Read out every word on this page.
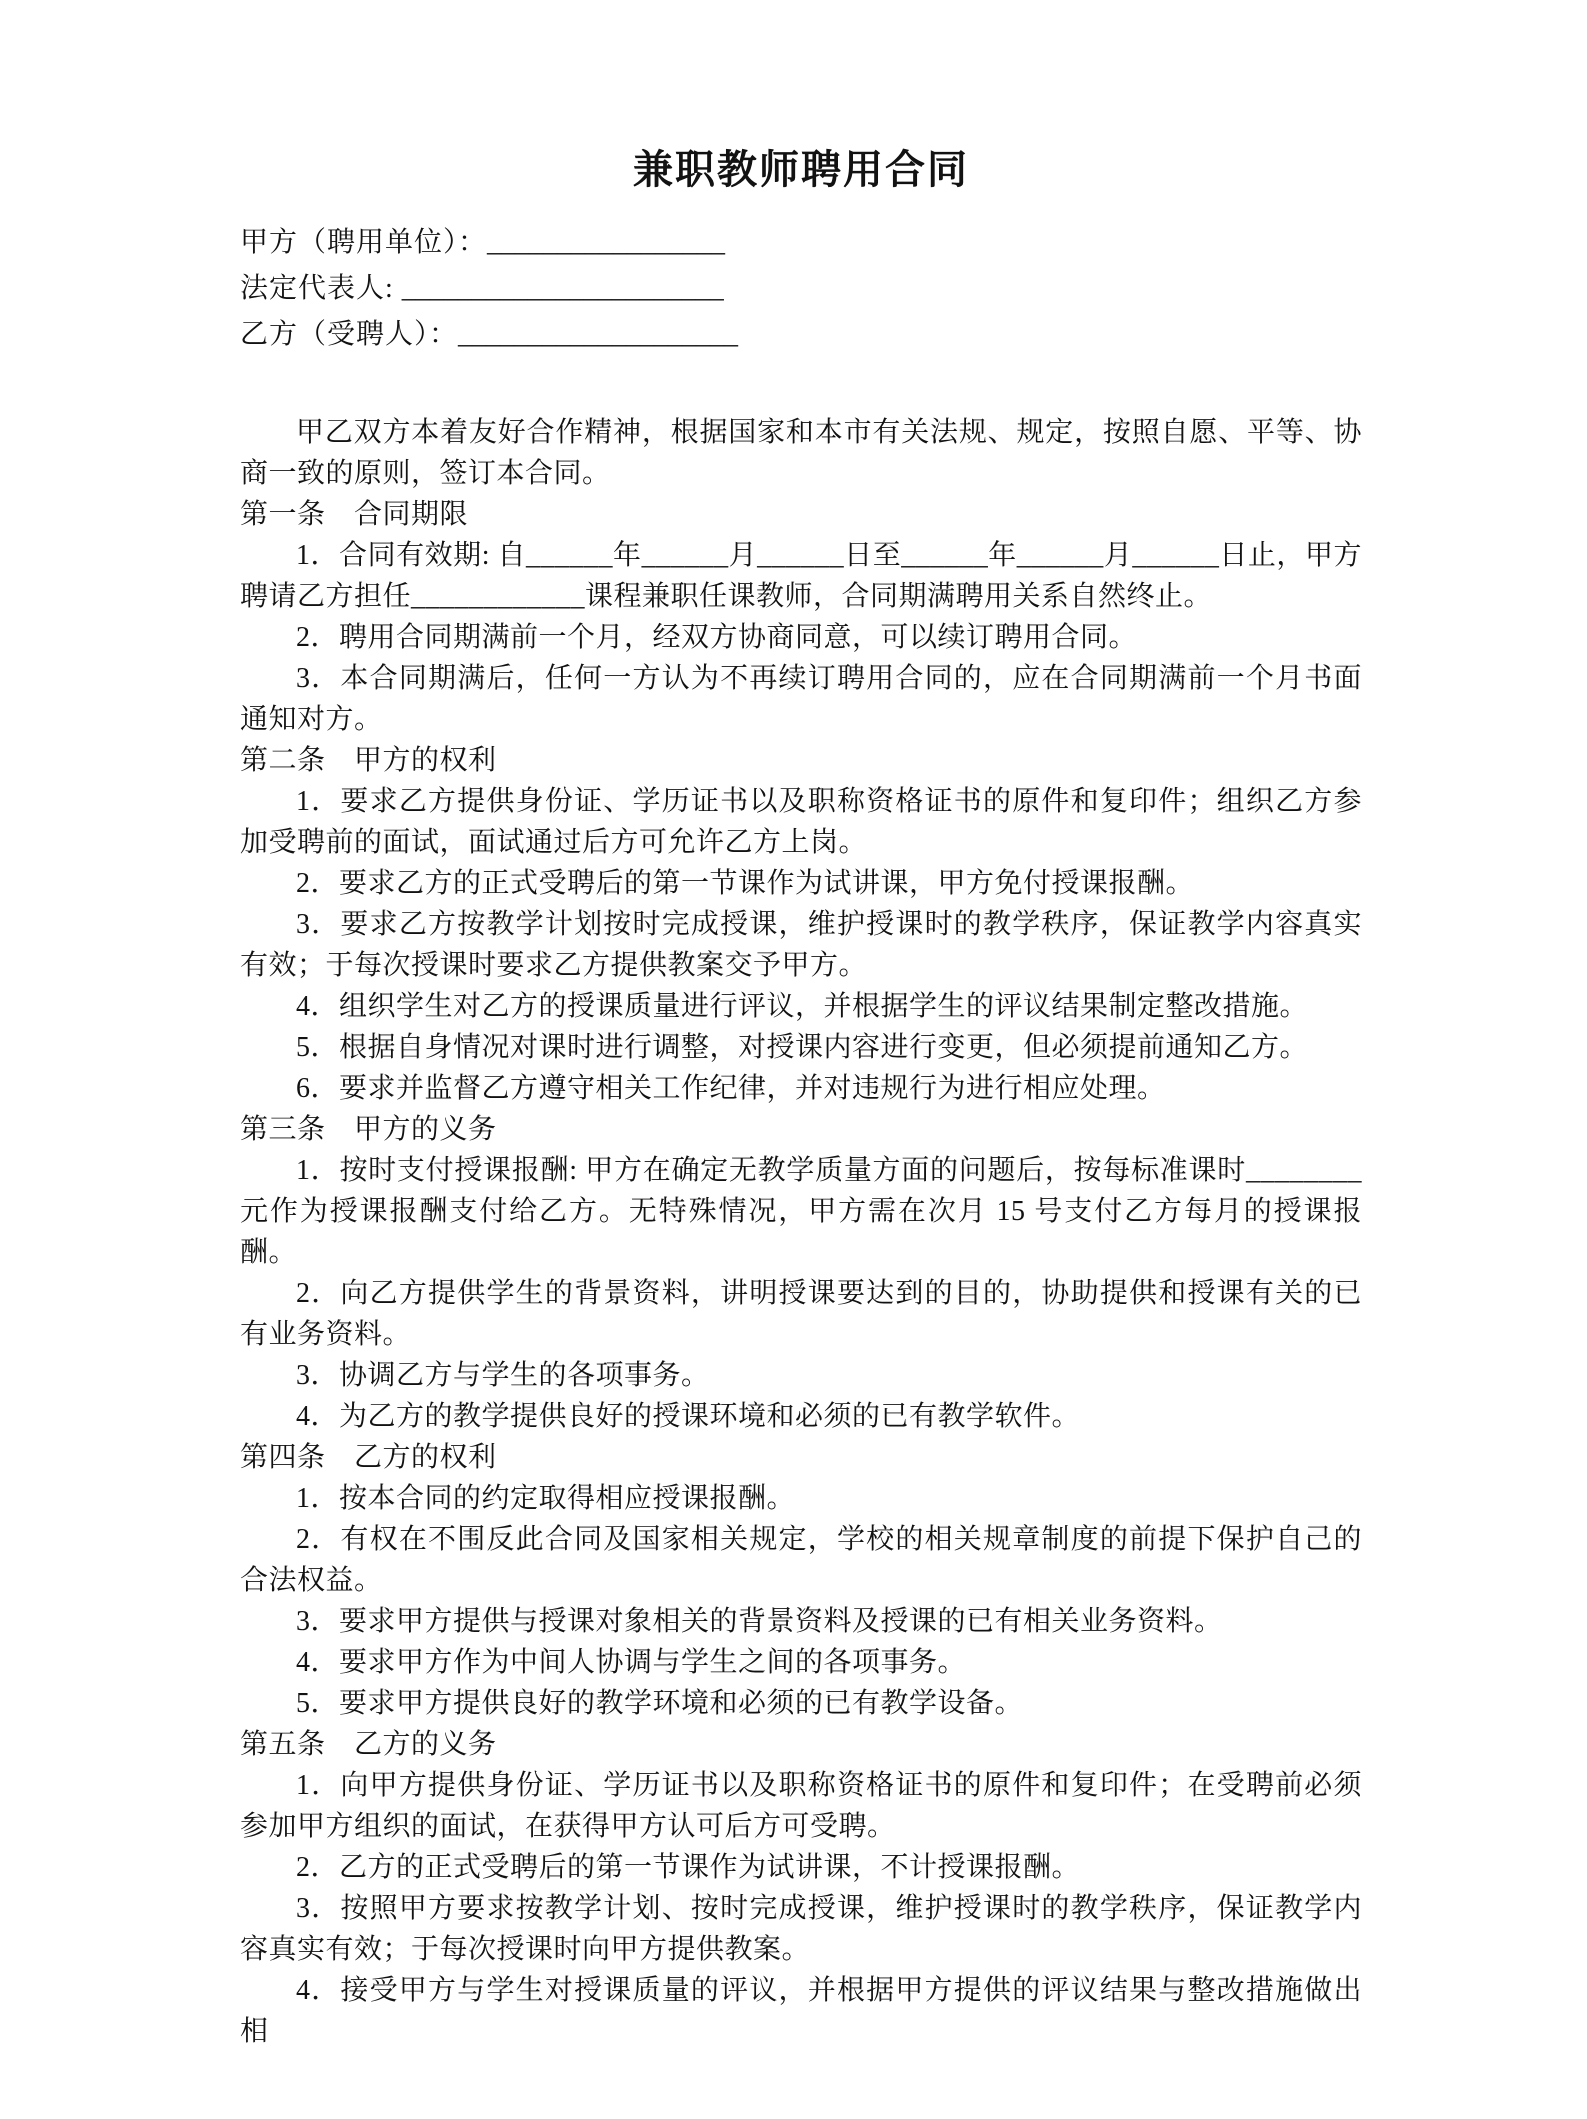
兼职教师聘用合同
甲方（聘用单位）：_________________
法定代表人: _______________________
乙方（受聘人）：____________________

甲乙双方本着友好合作精神，根据国家和本市有关法规、规定，按照自愿、平等、协商一致的原则，签订本合同。

第一条　合同期限

1．合同有效期: 自______年______月______日至______年______月______日止，甲方聘请乙方担任____________课程兼职任课教师，合同期满聘用关系自然终止。

2．聘用合同期满前一个月，经双方协商同意，可以续订聘用合同。

3．本合同期满后，任何一方认为不再续订聘用合同的，应在合同期满前一个月书面通知对方。

第二条　甲方的权利

1．要求乙方提供身份证、学历证书以及职称资格证书的原件和复印件；组织乙方参加受聘前的面试，面试通过后方可允许乙方上岗。

2．要求乙方的正式受聘后的第一节课作为试讲课，甲方免付授课报酬。

3．要求乙方按教学计划按时完成授课，维护授课时的教学秩序，保证教学内容真实有效；于每次授课时要求乙方提供教案交予甲方。

4．组织学生对乙方的授课质量进行评议，并根据学生的评议结果制定整改措施。

5．根据自身情况对课时进行调整，对授课内容进行变更，但必须提前通知乙方。

6．要求并监督乙方遵守相关工作纪律，并对违规行为进行相应处理。

第三条　甲方的义务

1．按时支付授课报酬: 甲方在确定无教学质量方面的问题后，按每标准课时________元作为授课报酬支付给乙方。无特殊情况，甲方需在次月 15 号支付乙方每月的授课报酬。

2．向乙方提供学生的背景资料，讲明授课要达到的目的，协助提供和授课有关的已有业务资料。

3．协调乙方与学生的各项事务。

4．为乙方的教学提供良好的授课环境和必须的已有教学软件。

第四条　乙方的权利

1．按本合同的约定取得相应授课报酬。

2．有权在不围反此合同及国家相关规定，学校的相关规章制度的前提下保护自己的合法权益。

3．要求甲方提供与授课对象相关的背景资料及授课的已有相关业务资料。

4．要求甲方作为中间人协调与学生之间的各项事务。

5．要求甲方提供良好的教学环境和必须的已有教学设备。

第五条　乙方的义务

1．向甲方提供身份证、学历证书以及职称资格证书的原件和复印件；在受聘前必须参加甲方组织的面试，在获得甲方认可后方可受聘。

2．乙方的正式受聘后的第一节课作为试讲课，不计授课报酬。

3．按照甲方要求按教学计划、按时完成授课，维护授课时的教学秩序，保证教学内容真实有效；于每次授课时向甲方提供教案。

4．接受甲方与学生对授课质量的评议，并根据甲方提供的评议结果与整改措施做出相
